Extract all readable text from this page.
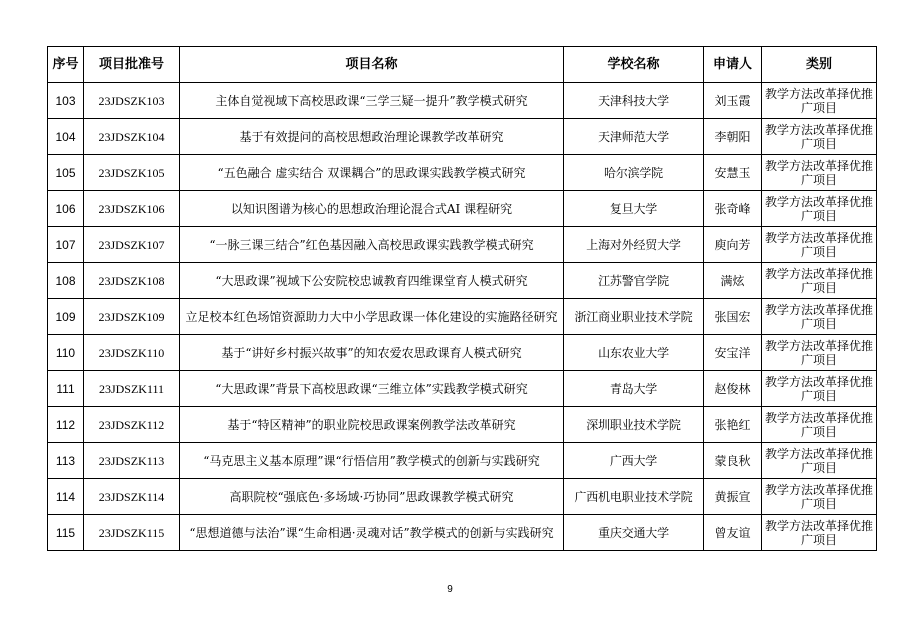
序号	项目批准号	项目名称	学校名称	申请人	类别
103	23JDSZK103	主体自觉视域下高校思政课“三学三疑一提升”教学模式研究	天津科技大学	刘玉霞	教学方法改革择优推广项目
104	23JDSZK104	基于有效提问的高校思想政治理论课教学改革研究	天津师范大学	李朝阳	教学方法改革择优推广项目
105	23JDSZK105	“五色融合 虚实结合 双课耦合”的思政课实践教学模式研究	哈尔滨学院	安慧玉	教学方法改革择优推广项目
106	23JDSZK106	以知识图谱为核心的思想政治理论混合式AI 课程研究	复旦大学	张奇峰	教学方法改革择优推广项目
107	23JDSZK107	“一脉三课三结合”红色基因融入高校思政课实践教学模式研究	上海对外经贸大学	庾向芳	教学方法改革择优推广项目
108	23JDSZK108	“大思政课”视域下公安院校忠诚教育四维课堂育人模式研究	江苏警官学院	满炫	教学方法改革择优推广项目
109	23JDSZK109	立足校本红色场馆资源助力大中小学思政课一体化建设的实施路径研究	浙江商业职业技术学院	张国宏	教学方法改革择优推广项目
110	23JDSZK110	基于“讲好乡村振兴故事”的知农爱农思政课育人模式研究	山东农业大学	安宝洋	教学方法改革择优推广项目
111	23JDSZK111	“大思政课”背景下高校思政课“三维立体”实践教学模式研究	青岛大学	赵俊林	教学方法改革择优推广项目
112	23JDSZK112	基于“特区精神”的职业院校思政课案例教学法改革研究	深圳职业技术学院	张艳红	教学方法改革择优推广项目
113	23JDSZK113	“马克思主义基本原理”课“行悟信用”教学模式的创新与实践研究	广西大学	蒙良秋	教学方法改革择优推广项目
114	23JDSZK114	高职院校“强底色·多场域·巧协同”思政课教学模式研究	广西机电职业技术学院	黄振宣	教学方法改革择优推广项目
115	23JDSZK115	“思想道德与法治”课“生命相遇·灵魂对话”教学模式的创新与实践研究	重庆交通大学	曾友谊	教学方法改革择优推广项目
9
